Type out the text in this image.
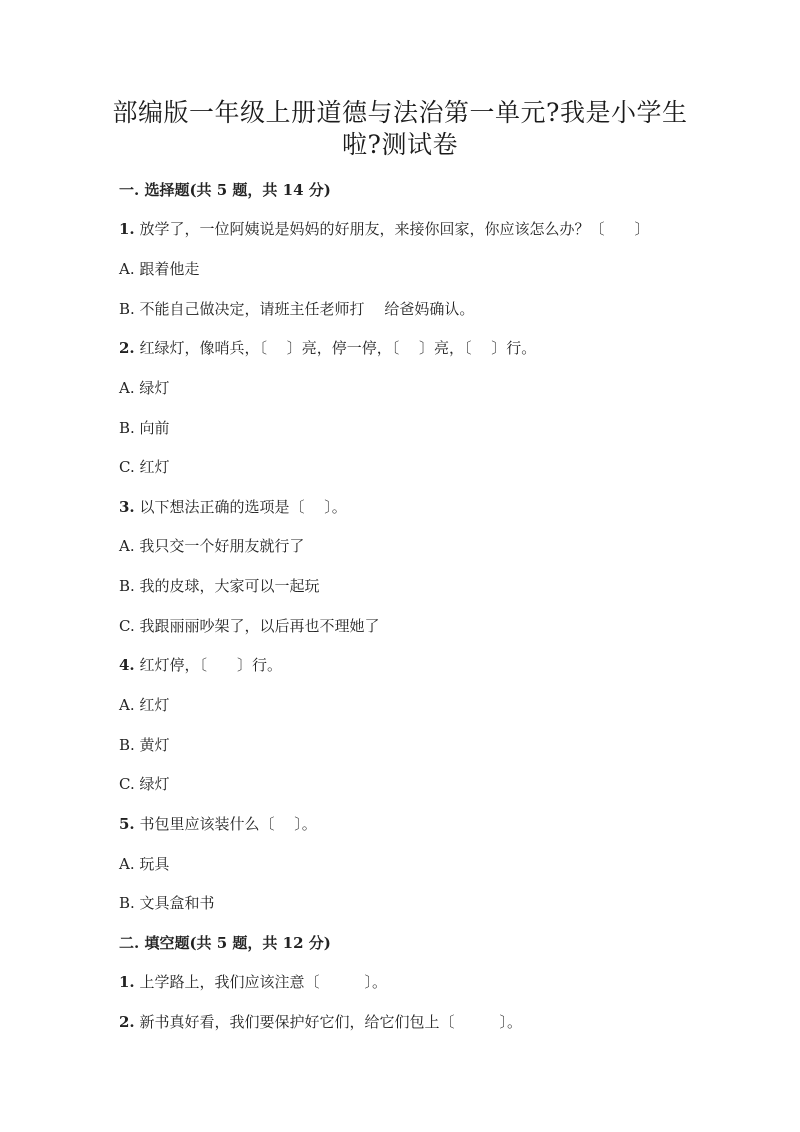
部编版一年级上册道德与法治第一单元?我是小学生
啦?测试卷
一. 选择题(共 5 题，共 14 分)
1. 放学了，一位阿姨说是妈妈的好朋友，来接你回家，你应该怎么办？〔　　〕
A. 跟着他走
B. 不能自己做决定，请班主任老师打　 给爸妈确认。
2. 红绿灯，像哨兵，〔　 〕亮，停一停，〔　 〕亮，〔　 〕行。
A. 绿灯
B. 向前
C. 红灯
3. 以下想法正确的选项是〔　 〕。
A. 我只交一个好朋友就行了
B. 我的皮球，大家可以一起玩
C. 我跟丽丽吵架了，以后再也不理她了
4. 红灯停，〔　　〕行。
A. 红灯
B. 黄灯
C. 绿灯
5. 书包里应该装什么〔　 〕。
A. 玩具
B. 文具盒和书
二. 填空题(共 5 题，共 12 分)
1. 上学路上，我们应该注意〔　　　〕。
2. 新书真好看，我们要保护好它们，给它们包上〔　　　〕。
